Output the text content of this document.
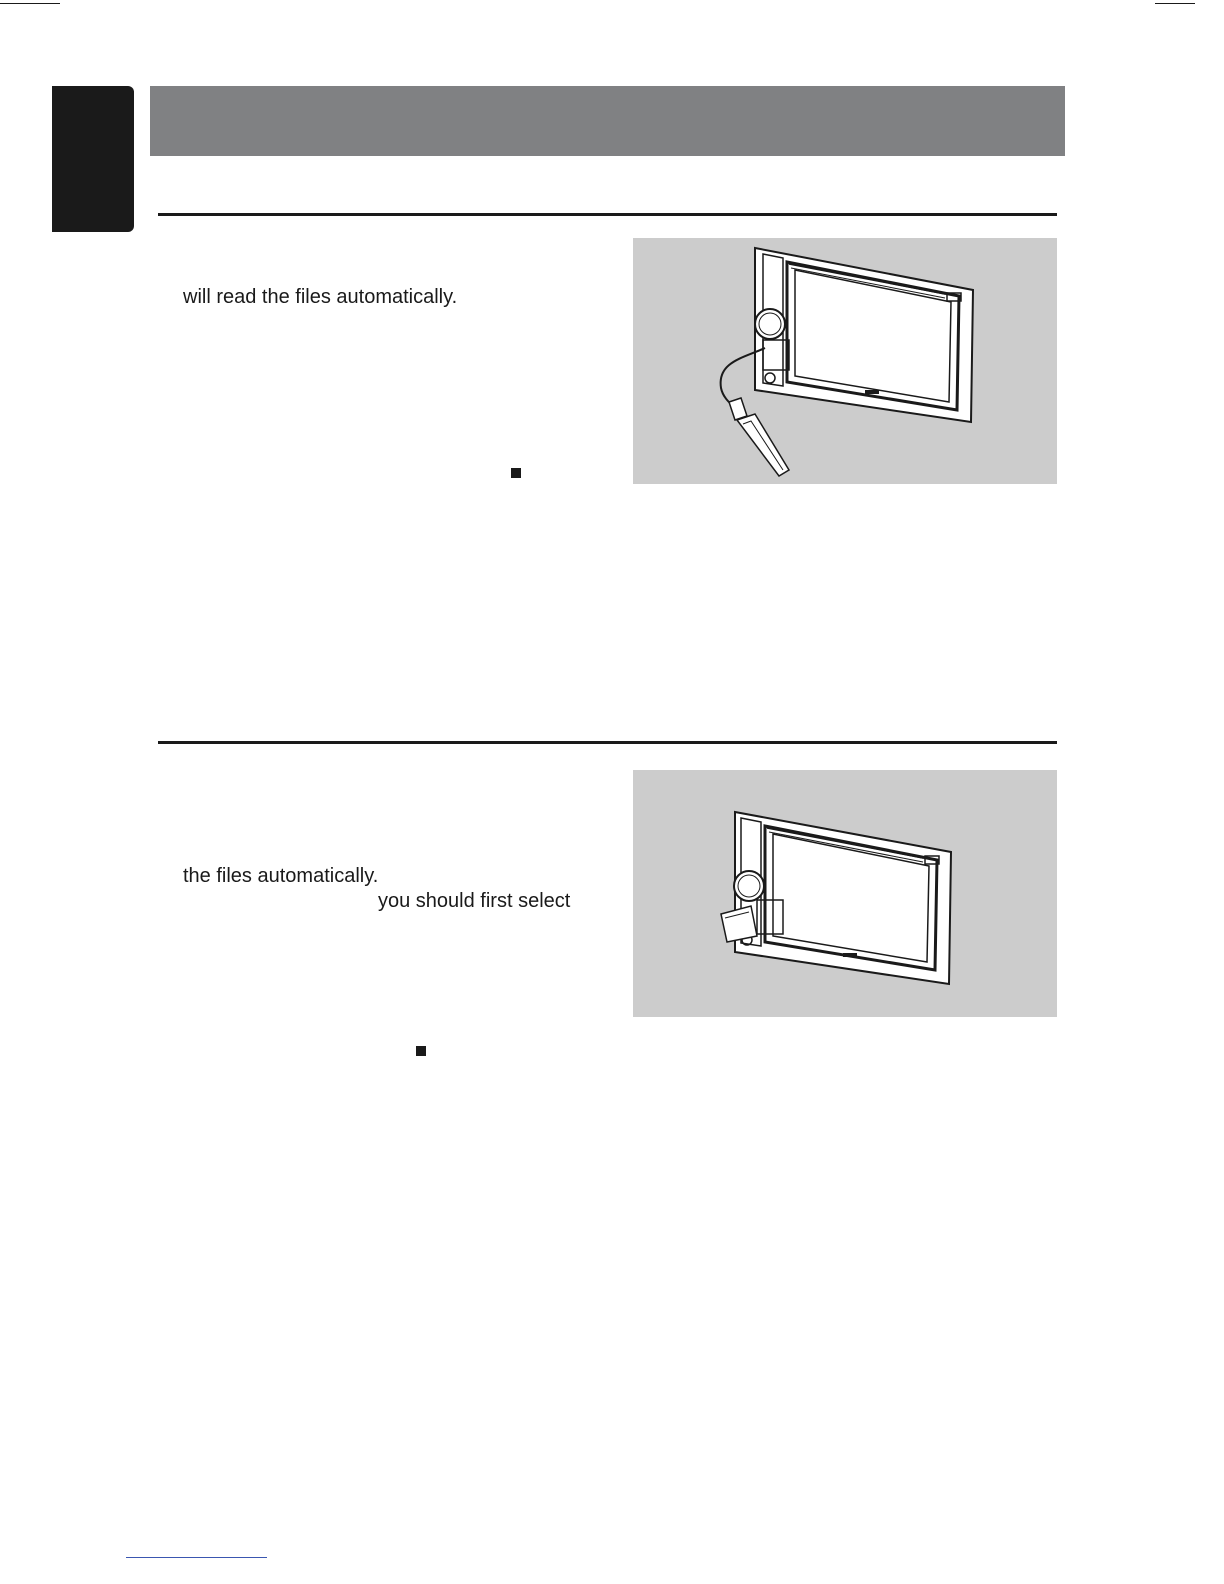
will read the files automatically.
the files automatically.
you should first select
